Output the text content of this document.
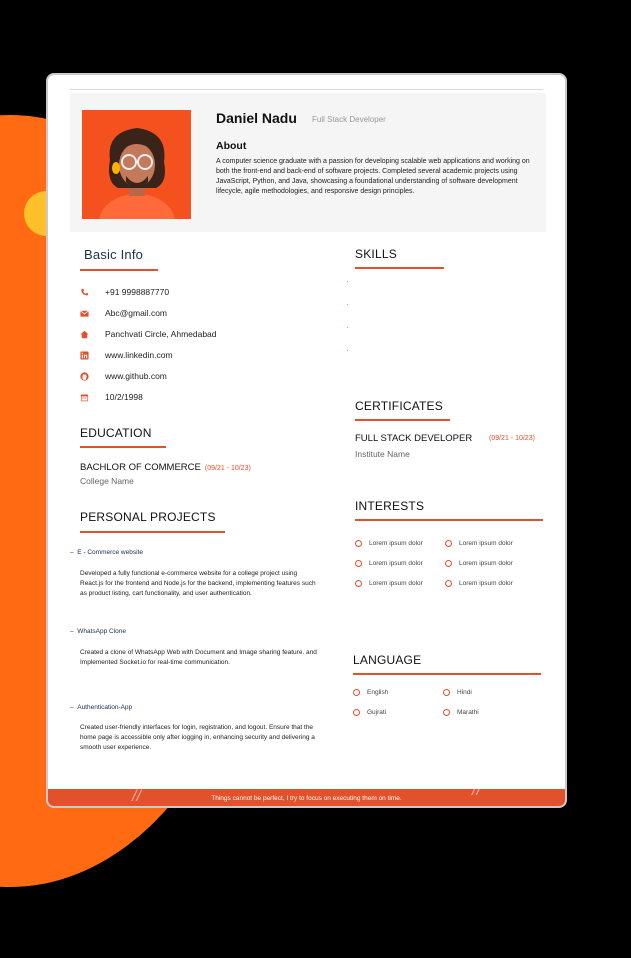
Daniel Nadu Full Stack Developer
About
A computer science graduate with a passion for developing scalable web applications and working on both the front-end and back-end of software projects. Completed several academic projects using JavaScript, Python, and Java, showcasing a foundational understanding of software development lifecycle, agile methodologies, and responsive design principles.
Basic Info
+91 9998887770
Abc@gmail.com
Panchvati Circle, Ahmedabad
www.linkedin.com
www.github.com
10/2/1998
EDUCATION
BACHLOR OF COMMERCE (09/21 - 10/23)
College Name
PERSONAL PROJECTS
–  E - Commerce website
Developed a fully functional e-commerce website for a college project using React.js for the frontend and Node.js for the backend, implementing features such as product listing, cart functionality, and user authentication.
–  WhatsApp Clone
Created a clone of WhatsApp Web with Document and Image sharing feature. and Implemented Socket.io for real-time communication.
–  Authentication-App
Created user-friendly interfaces for login, registration, and logout. Ensure that the home page is accessible only after logging in, enhancing security and delivering a smooth user experience.
SKILLS
·
·
·
·
CERTIFICATES
FULL STACK DEVELOPER (09/21 - 10/23)
Institute Name
INTERESTS
Lorem ipsum dolor	Lorem ipsum dolor
Lorem ipsum dolor	Lorem ipsum dolor
Lorem ipsum dolor	Lorem ipsum dolor
LANGUAGE
English	Hindi
Gujrati	Marathi
//	Things cannot be perfect, I try to focus on executing them on time.	//
